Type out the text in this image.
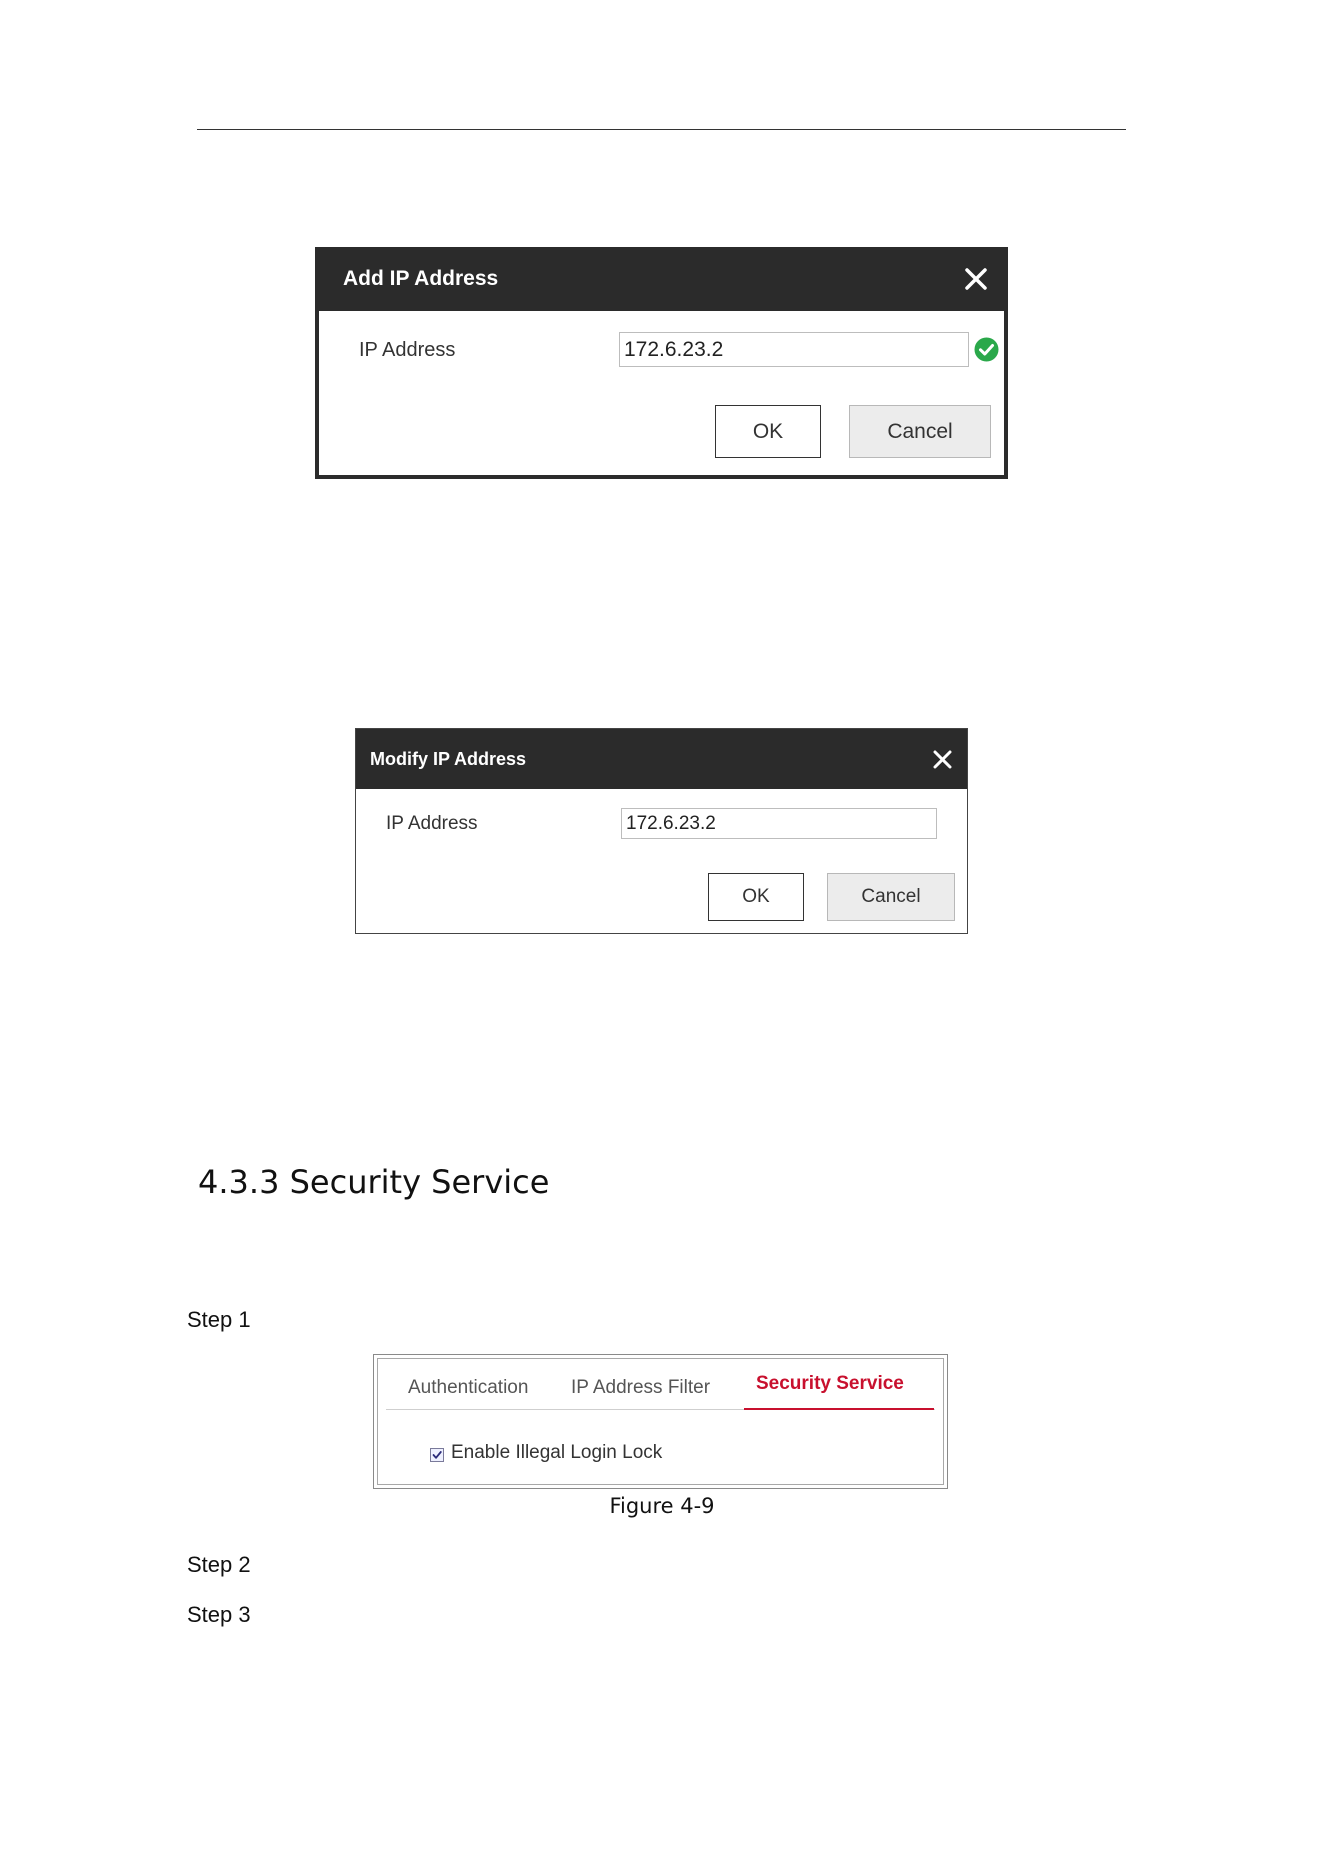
Add IP Address
IP Address
172.6.23.2
OK	Cancel
Modify IP Address
IP Address
172.6.23.2
OK	Cancel
4.3.3 Security Service
Step 1
Authentication IP Address Filter Security Service
Enable Illegal Login Lock
Figure 4-9
Step 2
Step 3
